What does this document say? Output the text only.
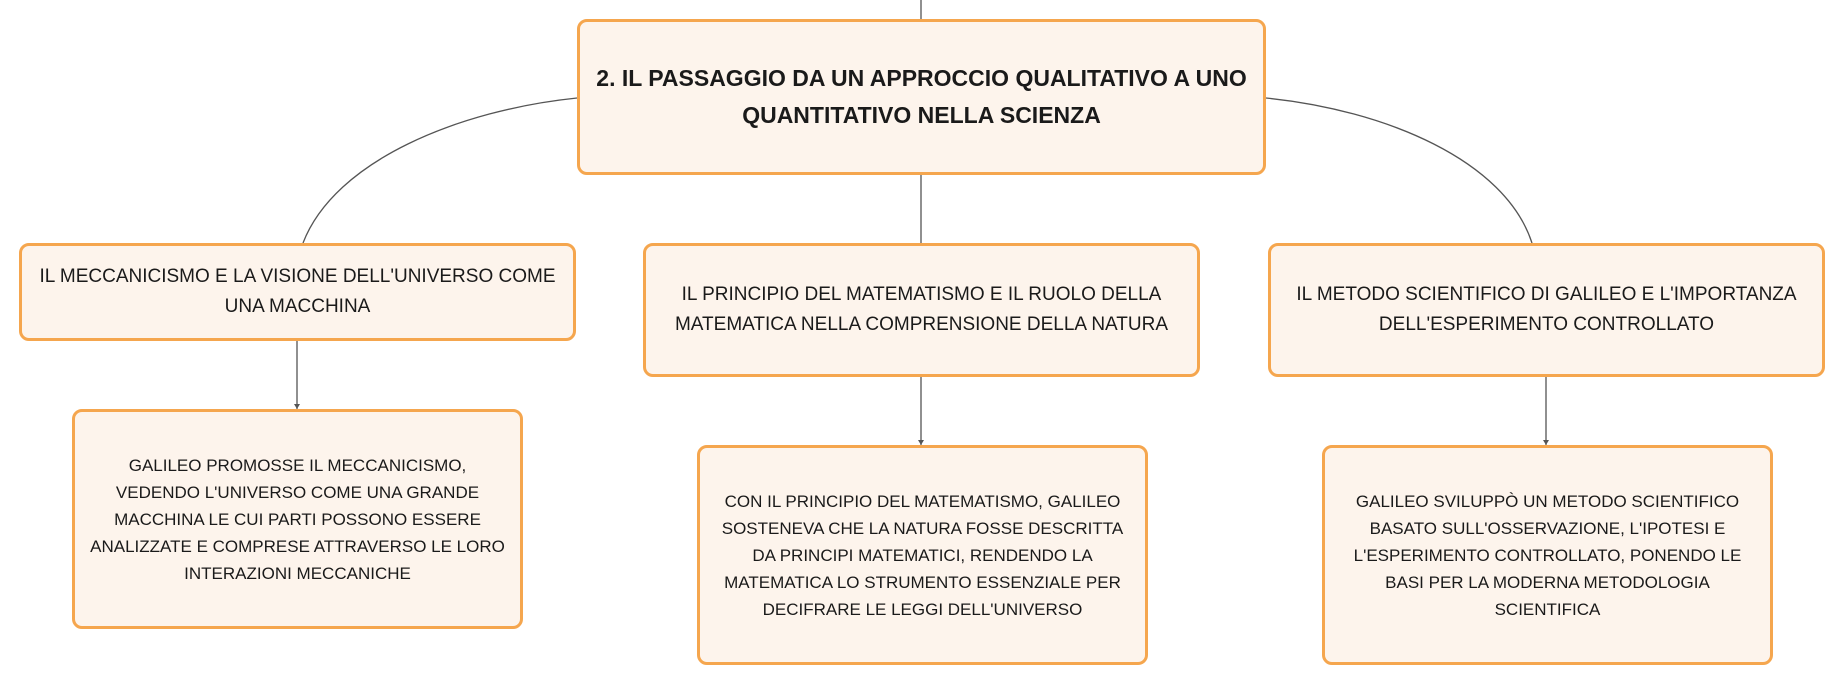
2. IL PASSAGGIO DA UN APPROCCIO QUALITATIVO A UNO QUANTITATIVO NELLA SCIENZA
IL MECCANICISMO E LA VISIONE DELL'UNIVERSO COME UNA MACCHINA
IL PRINCIPIO DEL MATEMATISMO E IL RUOLO DELLA MATEMATICA NELLA COMPRENSIONE DELLA NATURA
IL METODO SCIENTIFICO DI GALILEO E L'IMPORTANZA DELL'ESPERIMENTO CONTROLLATO
GALILEO PROMOSSE IL MECCANICISMO, VEDENDO L'UNIVERSO COME UNA GRANDE MACCHINA LE CUI PARTI POSSONO ESSERE ANALIZZATE E COMPRESE ATTRAVERSO LE LORO INTERAZIONI MECCANICHE
CON IL PRINCIPIO DEL MATEMATISMO, GALILEO SOSTENEVA CHE LA NATURA FOSSE DESCRITTA DA PRINCIPI MATEMATICI, RENDENDO LA MATEMATICA LO STRUMENTO ESSENZIALE PER DECIFRARE LE LEGGI DELL'UNIVERSO
GALILEO SVILUPPÒ UN METODO SCIENTIFICO BASATO SULL'OSSERVAZIONE, L'IPOTESI E L'ESPERIMENTO CONTROLLATO, PONENDO LE BASI PER LA MODERNA METODOLOGIA SCIENTIFICA
